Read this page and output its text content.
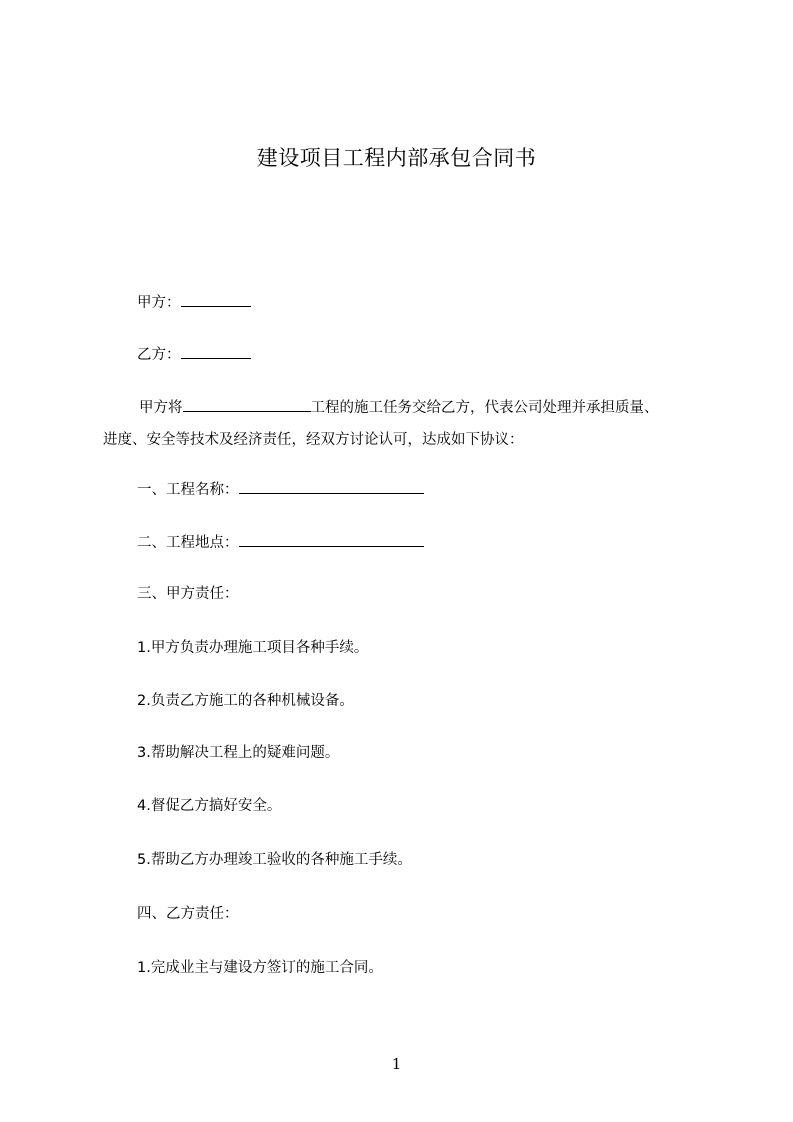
建设项目工程内部承包合同书
甲方：
乙方：
甲方将	工程的施工任务交给乙方，代表公司处理并承担质量、
进度、安全等技术及经济责任，经双方讨论认可，达成如下协议：
一、工程名称：
二、工程地点：
三、甲方责任：
1.甲方负责办理施工项目各种手续。
2.负责乙方施工的各种机械设备。
3.帮助解决工程上的疑难问题。
4.督促乙方搞好安全。
5.帮助乙方办理竣工验收的各种施工手续。
四、乙方责任：
1.完成业主与建设方签订的施工合同。
1
